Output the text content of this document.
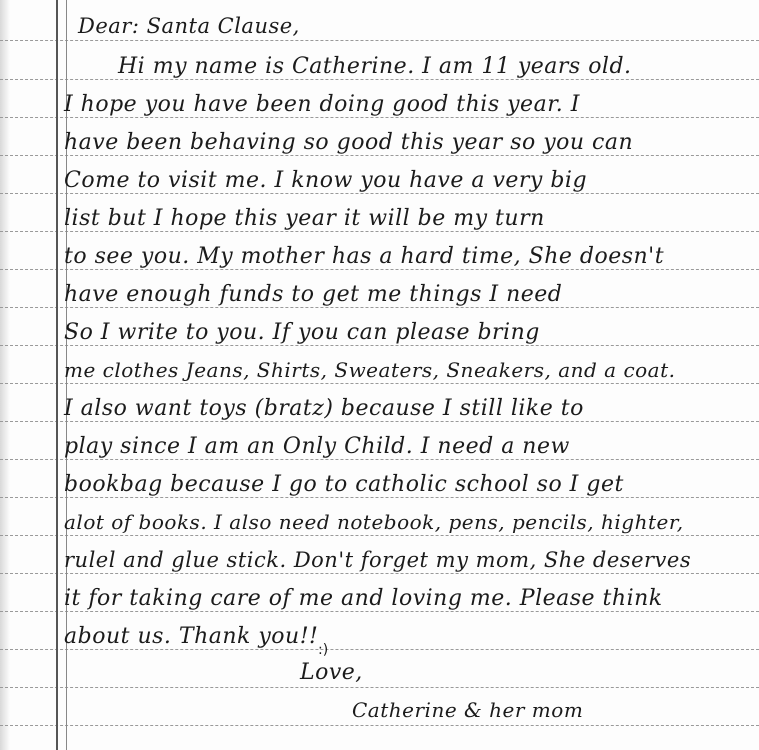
Dear: Santa Clause,
Hi my name is Catherine. I am 11 years old.
I hope you have been doing good this year. I
have been behaving so good this year so you can
Come to visit me. I know you have a very big
list but I hope this year it will be my turn
to see you. My mother has a hard time, She doesn't
have enough funds to get me things I need
So I write to you. If you can please bring
me clothes Jeans, Shirts, Sweaters, Sneakers, and a coat.
I also want toys (bratz) because I still like to
play since I am an Only Child. I need a new
bookbag because I go to catholic school so I get
alot of books. I also need notebook, pens, pencils, highter,
rulel and glue stick. Don't forget my mom, She deserves
it for taking care of me and loving me. Please think
about us. Thank you!!
:)
Love,
Catherine & her mom
